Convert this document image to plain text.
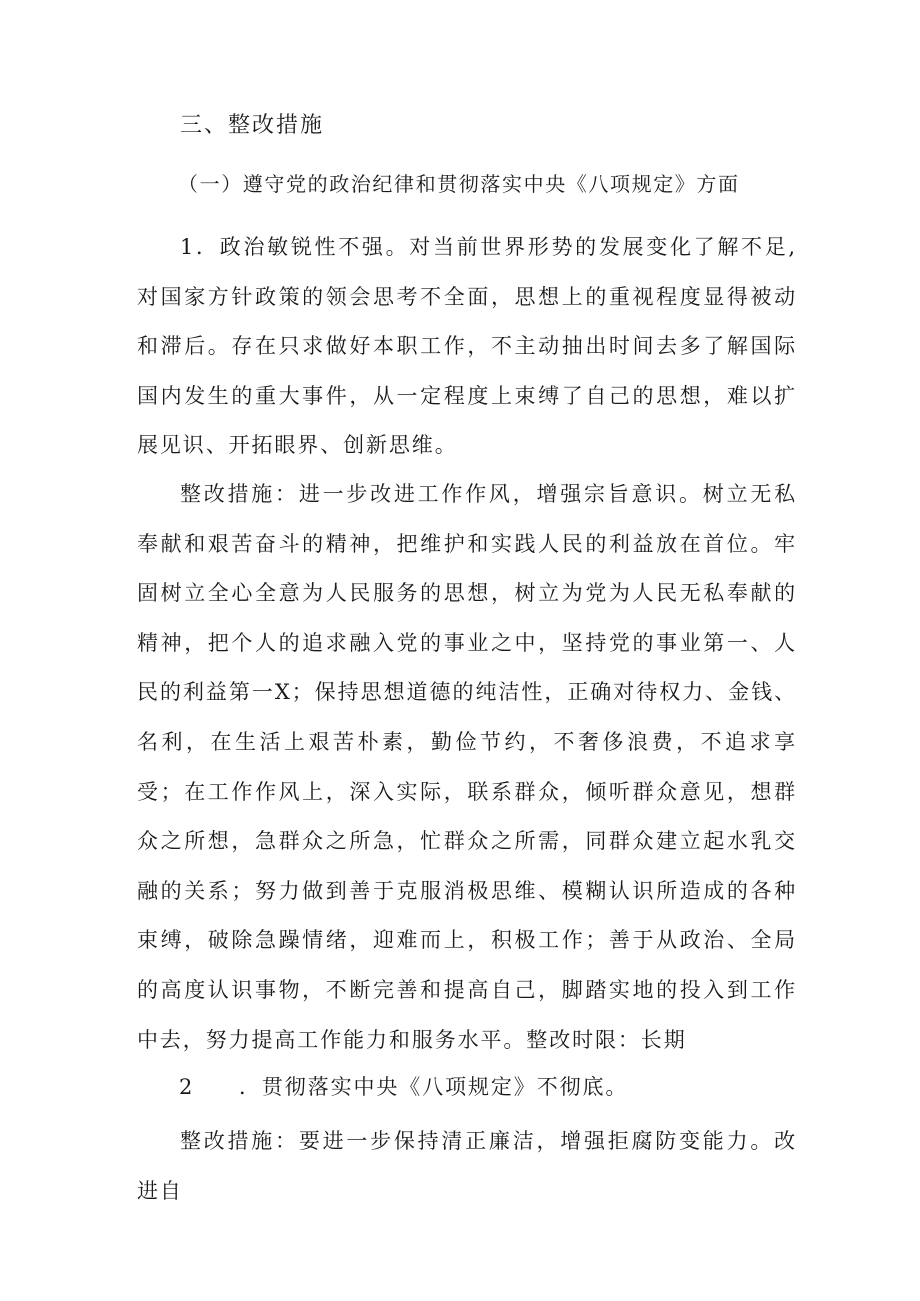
三、整改措施
（一）遵守党的政治纪律和贯彻落实中央《八项规定》方面

1．政治敏锐性不强。对当前世界形势的发展变化了解不足,对国家方针政策的领会思考不全面，思想上的重视程度显得被动和滞后。存在只求做好本职工作，不主动抽出时间去多了解国际国内发生的重大事件，从一定程度上束缚了自己的思想，难以扩展见识、开拓眼界、创新思维。

整改措施：进一步改进工作作风，增强宗旨意识。树立无私奉献和艰苦奋斗的精神，把维护和实践人民的利益放在首位。牢固树立全心全意为人民服务的思想，树立为党为人民无私奉献的精神，把个人的追求融入党的事业之中，坚持党的事业第一、人民的利益第一X；保持思想道德的纯洁性，正确对待权力、金钱、名利，在生活上艰苦朴素，勤俭节约，不奢侈浪费，不追求享受；在工作作风上，深入实际，联系群众，倾听群众意见，想群众之所想，急群众之所急，忙群众之所需，同群众建立起水乳交融的关系；努力做到善于克服消极思维、模糊认识所造成的各种束缚，破除急躁情绪，迎难而上，积极工作；善于从政治、全局的高度认识事物，不断完善和提高自己，脚踏实地的投入到工作中去，努力提高工作能力和服务水平。整改时限：长期

2 ．贯彻落实中央《八项规定》不彻底。

整改措施：要进一步保持清正廉洁，增强拒腐防变能力。改进自
